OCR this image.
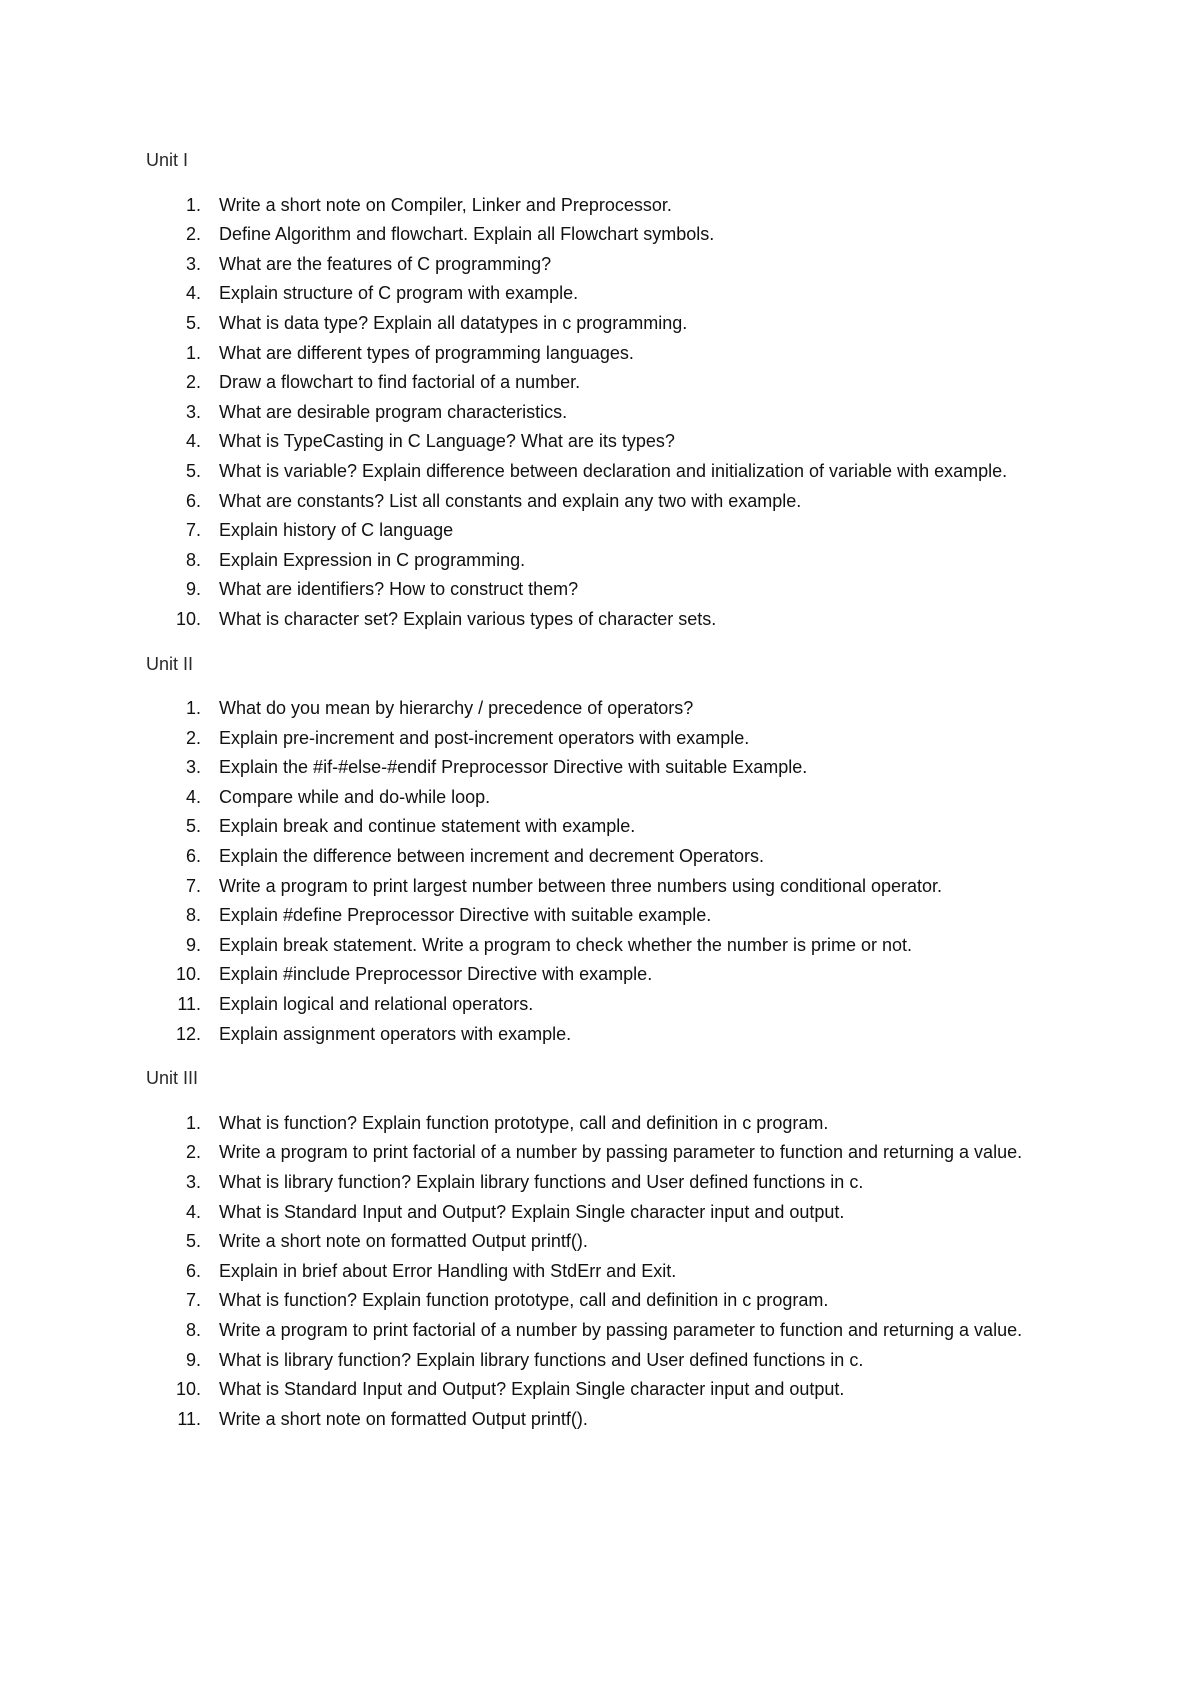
Unit I
1.	Write a short note on Compiler, Linker and Preprocessor.
2.	Define Algorithm and flowchart. Explain all Flowchart symbols.
3.	What are the features of C programming?
4.	Explain structure of C program with example.
5.	What is data type? Explain all datatypes in c programming.
1.	What are different types of programming languages.
2.	Draw a flowchart to find factorial of a number.
3.	What are desirable program characteristics.
4.	What is TypeCasting in C Language? What are its types?
5.	What is variable? Explain difference between declaration and initialization of variable with example.
6.	What are constants? List all constants and explain any two with example.
7.	Explain history of C language
8.	Explain Expression in C programming.
9.	What are identifiers? How to construct them?
10.	What is character set? Explain various types of character sets.
Unit II
1.	What do you mean by hierarchy / precedence of operators?
2.	Explain pre-increment and post-increment operators with example.
3.	Explain the #if-#else-#endif Preprocessor Directive with suitable Example.
4.	Compare while and do-while loop.
5.	Explain break and continue statement with example.
6.	Explain the difference between increment and decrement Operators.
7.	Write a program to print largest number between three numbers using conditional operator.
8.	Explain #define Preprocessor Directive with suitable example.
9.	Explain break statement. Write a program to check whether the number is prime or not.
10.	Explain #include Preprocessor Directive with example.
11.	Explain logical and relational operators.
12.	Explain assignment operators with example.
Unit III
1.	What is function? Explain function prototype, call and definition in c program.
2.	Write a program to print factorial of a number by passing parameter to function and returning a value.
3.	What is library function? Explain library functions and User defined functions in c.
4.	What is Standard Input and Output? Explain Single character input and output.
5.	Write a short note on formatted Output printf().
6.	Explain in brief about Error Handling with StdErr and Exit.
7.	What is function? Explain function prototype, call and definition in c program.
8.	Write a program to print factorial of a number by passing parameter to function and returning a value.
9.	What is library function? Explain library functions and User defined functions in c.
10.	What is Standard Input and Output? Explain Single character input and output.
11.	Write a short note on formatted Output printf().
